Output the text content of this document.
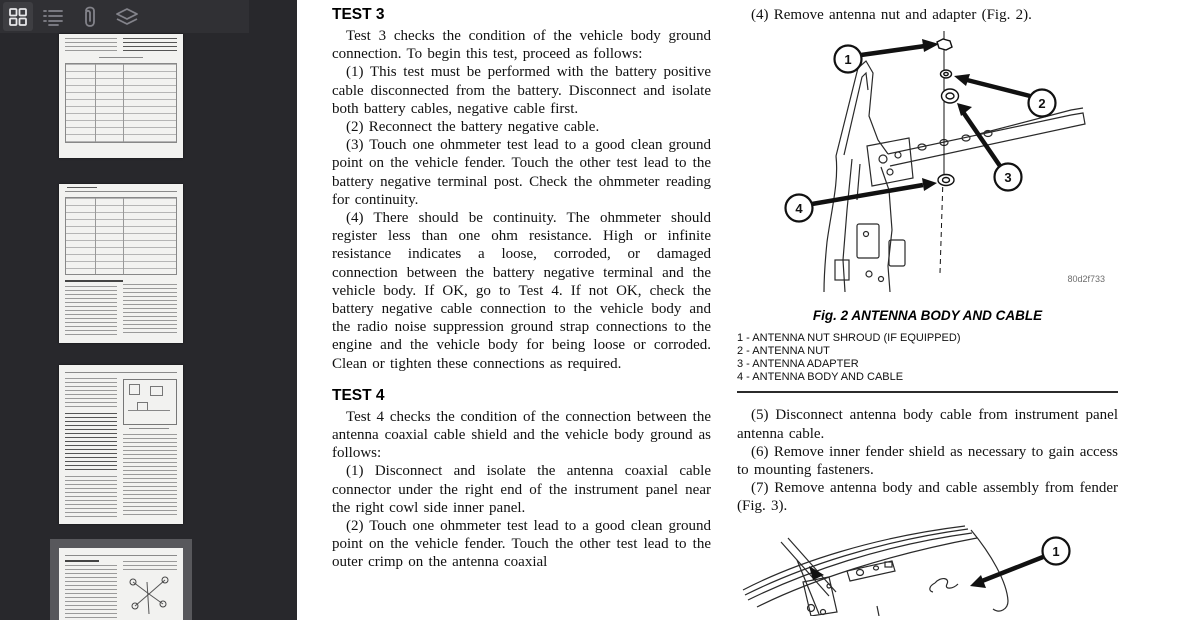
TEST 3

Test 3 checks the condition of the vehicle body ground connection. To begin this test, proceed as follows:

(1) This test must be performed with the battery positive cable disconnected from the battery. Disconnect and isolate both battery cables, negative cable first.

(2) Reconnect the battery negative cable.

(3) Touch one ohmmeter test lead to a good clean ground point on the vehicle fender. Touch the other test lead to the battery negative terminal post. Check the ohmmeter reading for continuity.

(4) There should be continuity. The ohmmeter should register less than one ohm resistance. High or infinite resistance indicates a loose, corroded, or damaged connection between the battery negative terminal and the vehicle body. If OK, go to Test 4. If not OK, check the battery negative cable connection to the vehicle body and the radio noise suppression ground strap connections to the engine and the vehicle body for being loose or corroded. Clean or tighten these connections as required.

TEST 4

Test 4 checks the condition of the connection between the antenna coaxial cable shield and the vehicle body ground as follows:

(1) Disconnect and isolate the antenna coaxial cable connector under the right end of the instrument panel near the right cowl side inner panel.

(2) Touch one ohmmeter test lead to a good clean ground point on the vehicle fender. Touch the other test lead to the outer crimp on the antenna coaxial

(4) Remove antenna nut and adapter (Fig. 2).

1
2
3
4
80d2f733
Fig. 2 ANTENNA BODY AND CABLE
1 - ANTENNA NUT SHROUD (IF EQUIPPED)
2 - ANTENNA NUT
3 - ANTENNA ADAPTER
4 - ANTENNA BODY AND CABLE

(5) Disconnect antenna body cable from instrument panel antenna cable.

(6) Remove inner fender shield as necessary to gain access to mounting fasteners.

(7) Remove antenna body and cable assembly from fender (Fig. 3).

1
